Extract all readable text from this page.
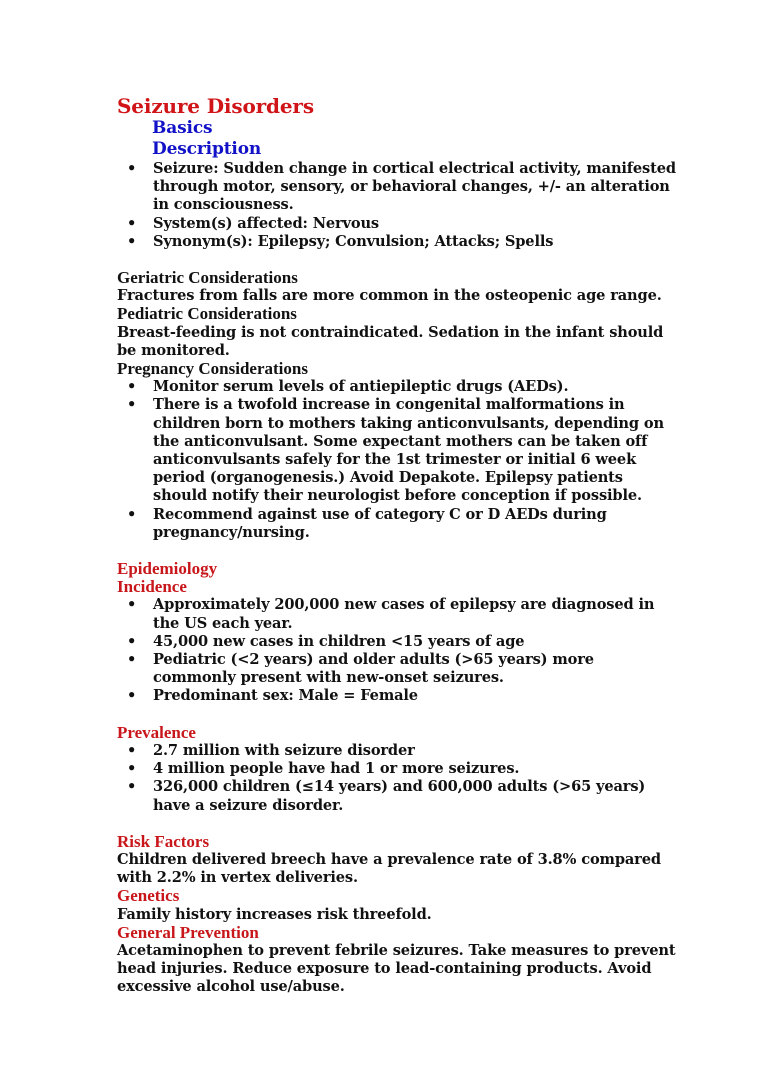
Seizure Disorders
Basics
Description
• Seizure: Sudden change in cortical electrical activity, manifested through motor, sensory, or behavioral changes, +/- an alteration in consciousness.
• System(s) affected: Nervous
• Synonym(s): Epilepsy; Convulsion; Attacks; Spells

Geriatric Considerations

Fractures from falls are more common in the osteopenic age range.

Pediatric Considerations

Breast-feeding is not contraindicated. Sedation in the infant should be monitored.

Pregnancy Considerations

• Monitor serum levels of antiepileptic drugs (AEDs).
• There is a twofold increase in congenital malformations in children born to mothers taking anticonvulsants, depending on the anticonvulsant. Some expectant mothers can be taken off anticonvulsants safely for the 1st trimester or initial 6 week period (organogenesis.) Avoid Depakote. Epilepsy patients should notify their neurologist before conception if possible.
• Recommend against use of category C or D AEDs during pregnancy/nursing.

Epidemiology

Incidence

• Approximately 200,000 new cases of epilepsy are diagnosed in the US each year.
• 45,000 new cases in children <15 years of age
• Pediatric (<2 years) and older adults (>65 years) more commonly present with new-onset seizures.
• Predominant sex: Male = Female

Prevalence

• 2.7 million with seizure disorder
• 4 million people have had 1 or more seizures.
• 326,000 children (≤14 years) and 600,000 adults (>65 years) have a seizure disorder.

Risk Factors

Children delivered breech have a prevalence rate of 3.8% compared with 2.2% in vertex deliveries.

Genetics

Family history increases risk threefold.

General Prevention

Acetaminophen to prevent febrile seizures. Take measures to prevent head injuries. Reduce exposure to lead-containing products. Avoid excessive alcohol use/abuse.
